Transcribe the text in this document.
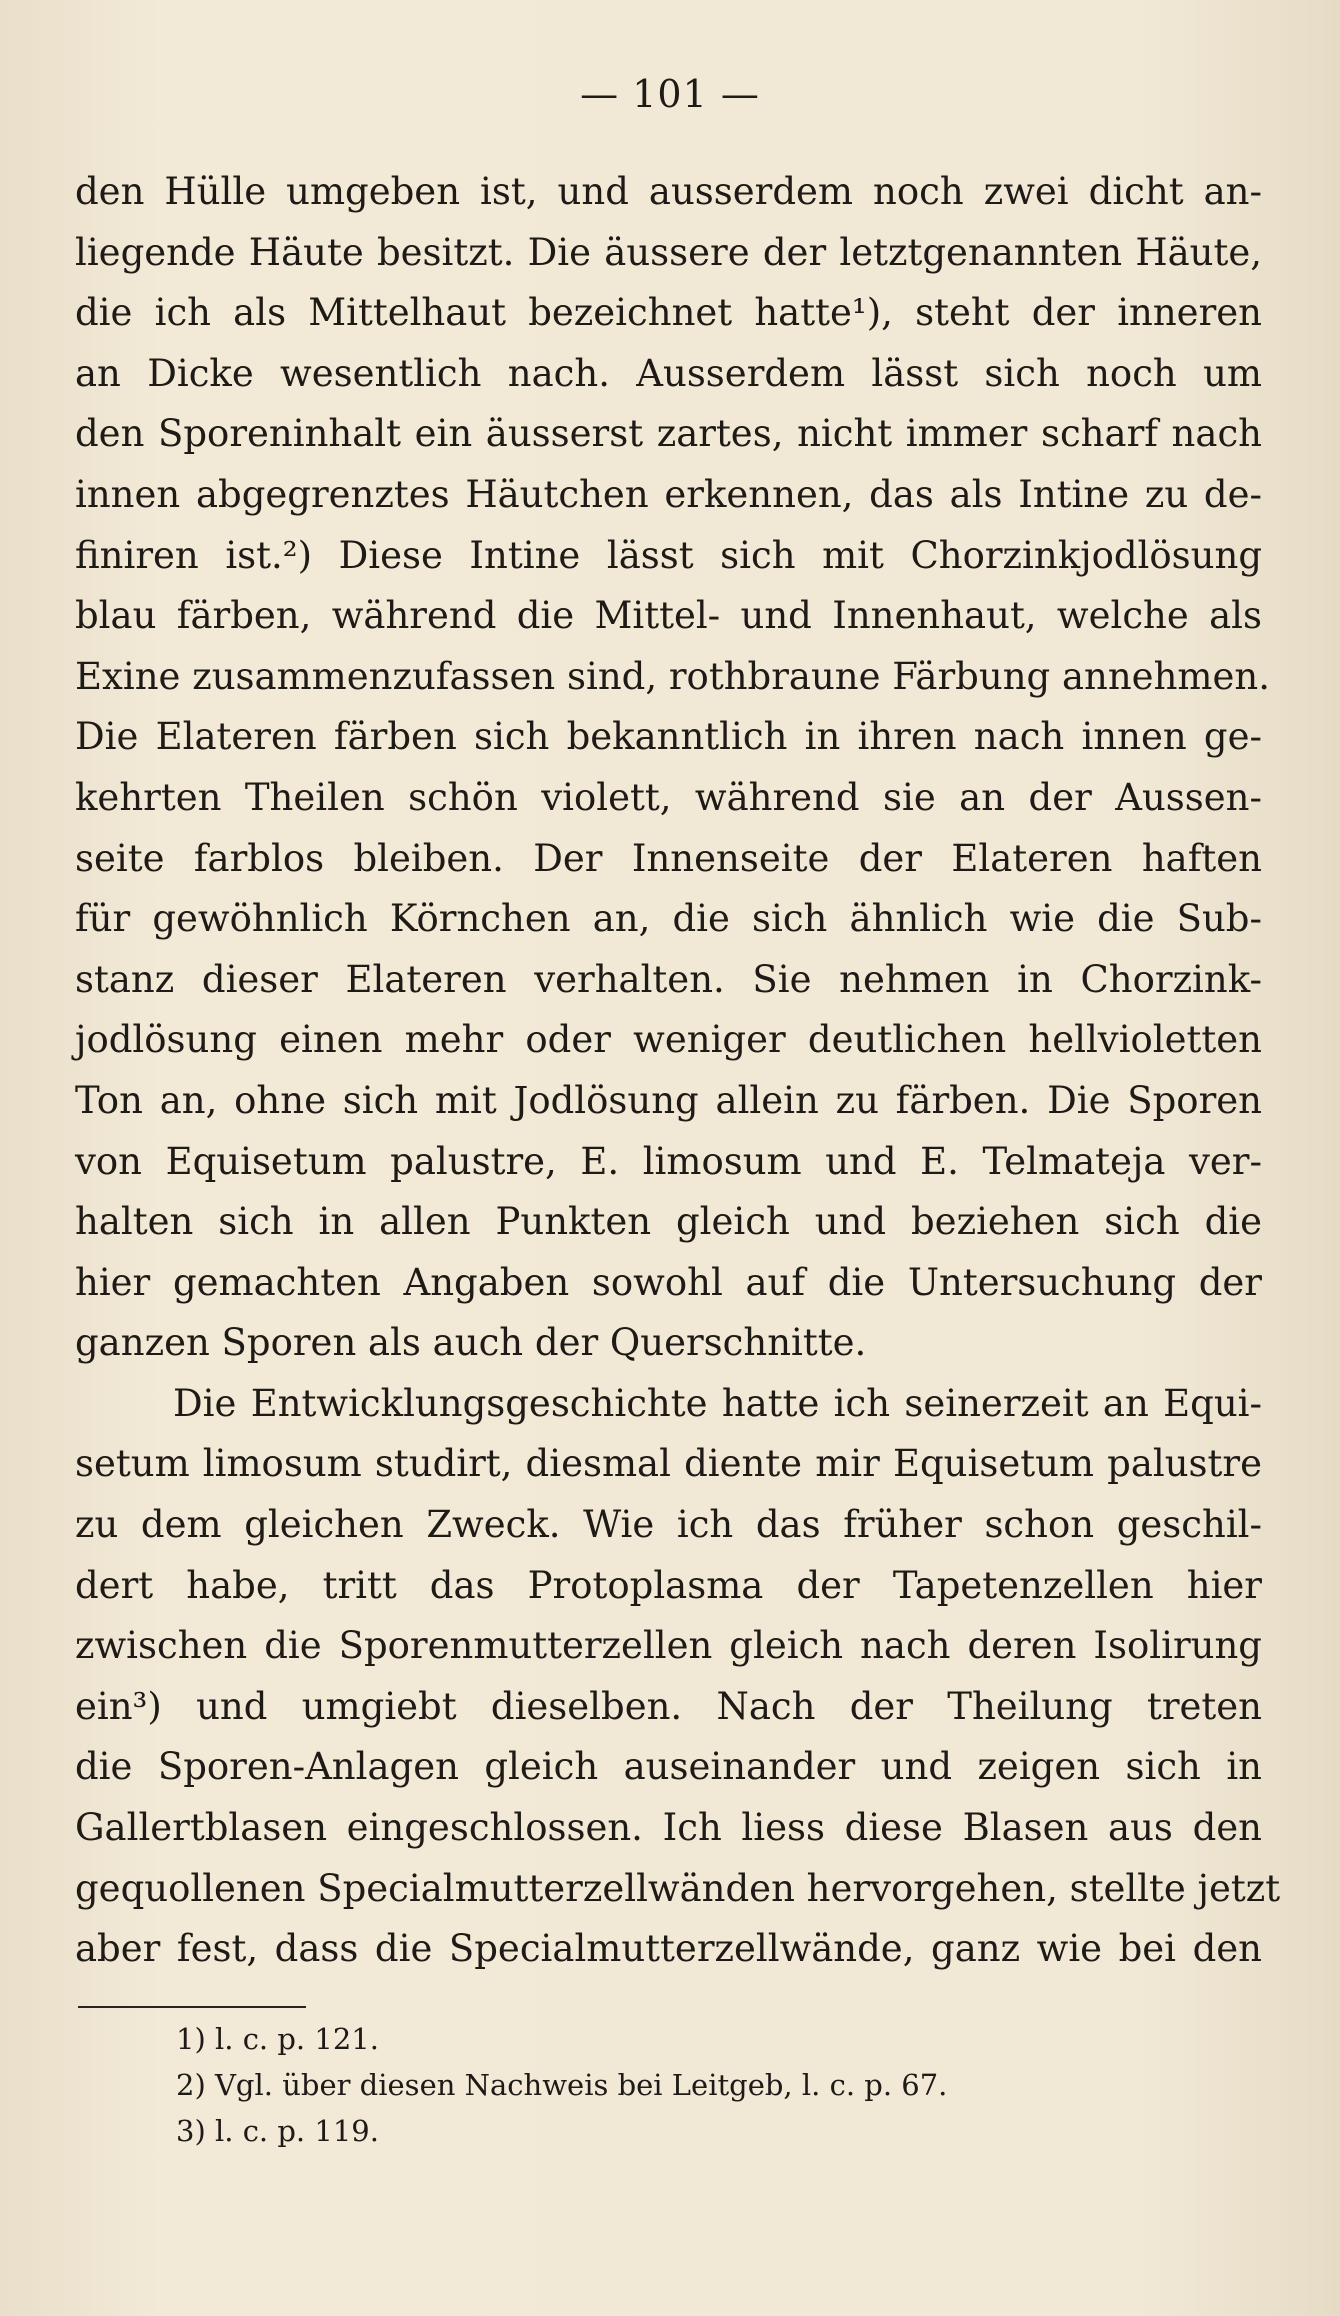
— 101 —
den Hülle umgeben ist, und ausserdem noch zwei dicht an-
liegende Häute besitzt. Die äussere der letztgenannten Häute,
die ich als Mittelhaut bezeichnet hatte¹), steht der inneren
an Dicke wesentlich nach. Ausserdem lässt sich noch um
den Sporeninhalt ein äusserst zartes, nicht immer scharf nach
innen abgegrenztes Häutchen erkennen, das als Intine zu de-
finiren ist.²) Diese Intine lässt sich mit Chorzinkjodlösung
blau färben, während die Mittel- und Innenhaut, welche als
Exine zusammenzufassen sind, rothbraune Färbung annehmen.
Die Elateren färben sich bekanntlich in ihren nach innen ge-
kehrten Theilen schön violett, während sie an der Aussen-
seite farblos bleiben. Der Innenseite der Elateren haften
für gewöhnlich Körnchen an, die sich ähnlich wie die Sub-
stanz dieser Elateren verhalten. Sie nehmen in Chorzink-
jodlösung einen mehr oder weniger deutlichen hellvioletten
Ton an, ohne sich mit Jodlösung allein zu färben. Die Sporen
von Equisetum palustre, E. limosum und E. Telmateja ver-
halten sich in allen Punkten gleich und beziehen sich die
hier gemachten Angaben sowohl auf die Untersuchung der
ganzen Sporen als auch der Querschnitte.
Die Entwicklungsgeschichte hatte ich seinerzeit an Equi-
setum limosum studirt, diesmal diente mir Equisetum palustre
zu dem gleichen Zweck. Wie ich das früher schon geschil-
dert habe, tritt das Protoplasma der Tapetenzellen hier
zwischen die Sporenmutterzellen gleich nach deren Isolirung
ein³) und umgiebt dieselben. Nach der Theilung treten
die Sporen-Anlagen gleich auseinander und zeigen sich in
Gallertblasen eingeschlossen. Ich liess diese Blasen aus den
gequollenen Specialmutterzellwänden hervorgehen, stellte jetzt
aber fest, dass die Specialmutterzellwände, ganz wie bei den
1) l. c. p. 121.
2) Vgl. über diesen Nachweis bei Leitgeb, l. c. p. 67.
3) l. c. p. 119.
